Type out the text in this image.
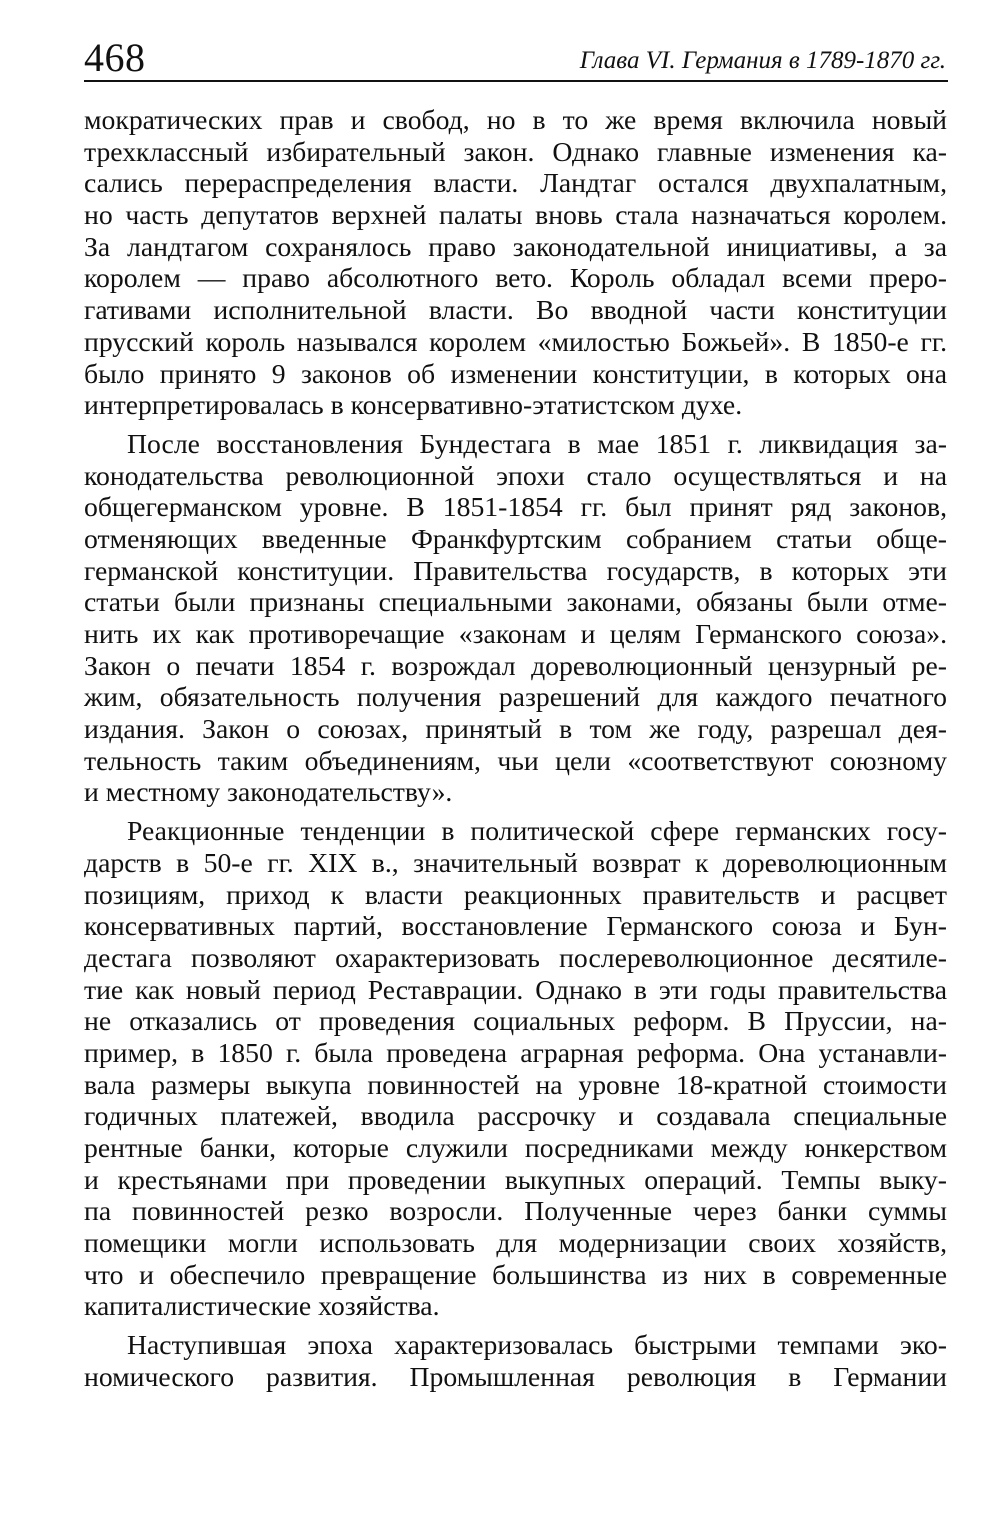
468	Глава VI. Германия в 1789-1870 гг.
мократических прав и свобод, но в то же время включила новый
трехклассный избирательный закон. Однако главные изменения ка-
сались перераспределения власти. Ландтаг остался двухпалатным,
но часть депутатов верхней палаты вновь стала назначаться королем.
За ландтагом сохранялось право законодательной инициативы, а за
королем — право абсолютного вето. Король обладал всеми преро-
гативами исполнительной власти. Во вводной части конституции
прусский король назывался королем «милостью Божьей». В 1850-е гг.
было принято 9 законов об изменении конституции, в которых она
интерпретировалась в консервативно-этатистском духе.
После восстановления Бундестага в мае 1851 г. ликвидация за-
конодательства революционной эпохи стало осуществляться и на
общегерманском уровне. В 1851-1854 гг. был принят ряд законов,
отменяющих введенные Франкфуртским собранием статьи обще-
германской конституции. Правительства государств, в которых эти
статьи были признаны специальными законами, обязаны были отме-
нить их как противоречащие «законам и целям Германского союза».
Закон о печати 1854 г. возрождал дореволюционный цензурный ре-
жим, обязательность получения разрешений для каждого печатного
издания. Закон о союзах, принятый в том же году, разрешал дея-
тельность таким объединениям, чьи цели «соответствуют союзному
и местному законодательству».
Реакционные тенденции в политической сфере германских госу-
дарств в 50-е гг. XIX в., значительный возврат к дореволюционным
позициям, приход к власти реакционных правительств и расцвет
консервативных партий, восстановление Германского союза и Бун-
дестага позволяют охарактеризовать послереволюционное десятиле-
тие как новый период Реставрации. Однако в эти годы правительства
не отказались от проведения социальных реформ. В Пруссии, на-
пример, в 1850 г. была проведена аграрная реформа. Она устанавли-
вала размеры выкупа повинностей на уровне 18-кратной стоимости
годичных платежей, вводила рассрочку и создавала специальные
рентные банки, которые служили посредниками между юнкерством
и крестьянами при проведении выкупных операций. Темпы выку-
па повинностей резко возросли. Полученные через банки суммы
помещики могли использовать для модернизации своих хозяйств,
что и обеспечило превращение большинства из них в современные
капиталистические хозяйства.
Наступившая эпоха характеризовалась быстрыми темпами эко-
номического развития. Промышленная революция в Германии
